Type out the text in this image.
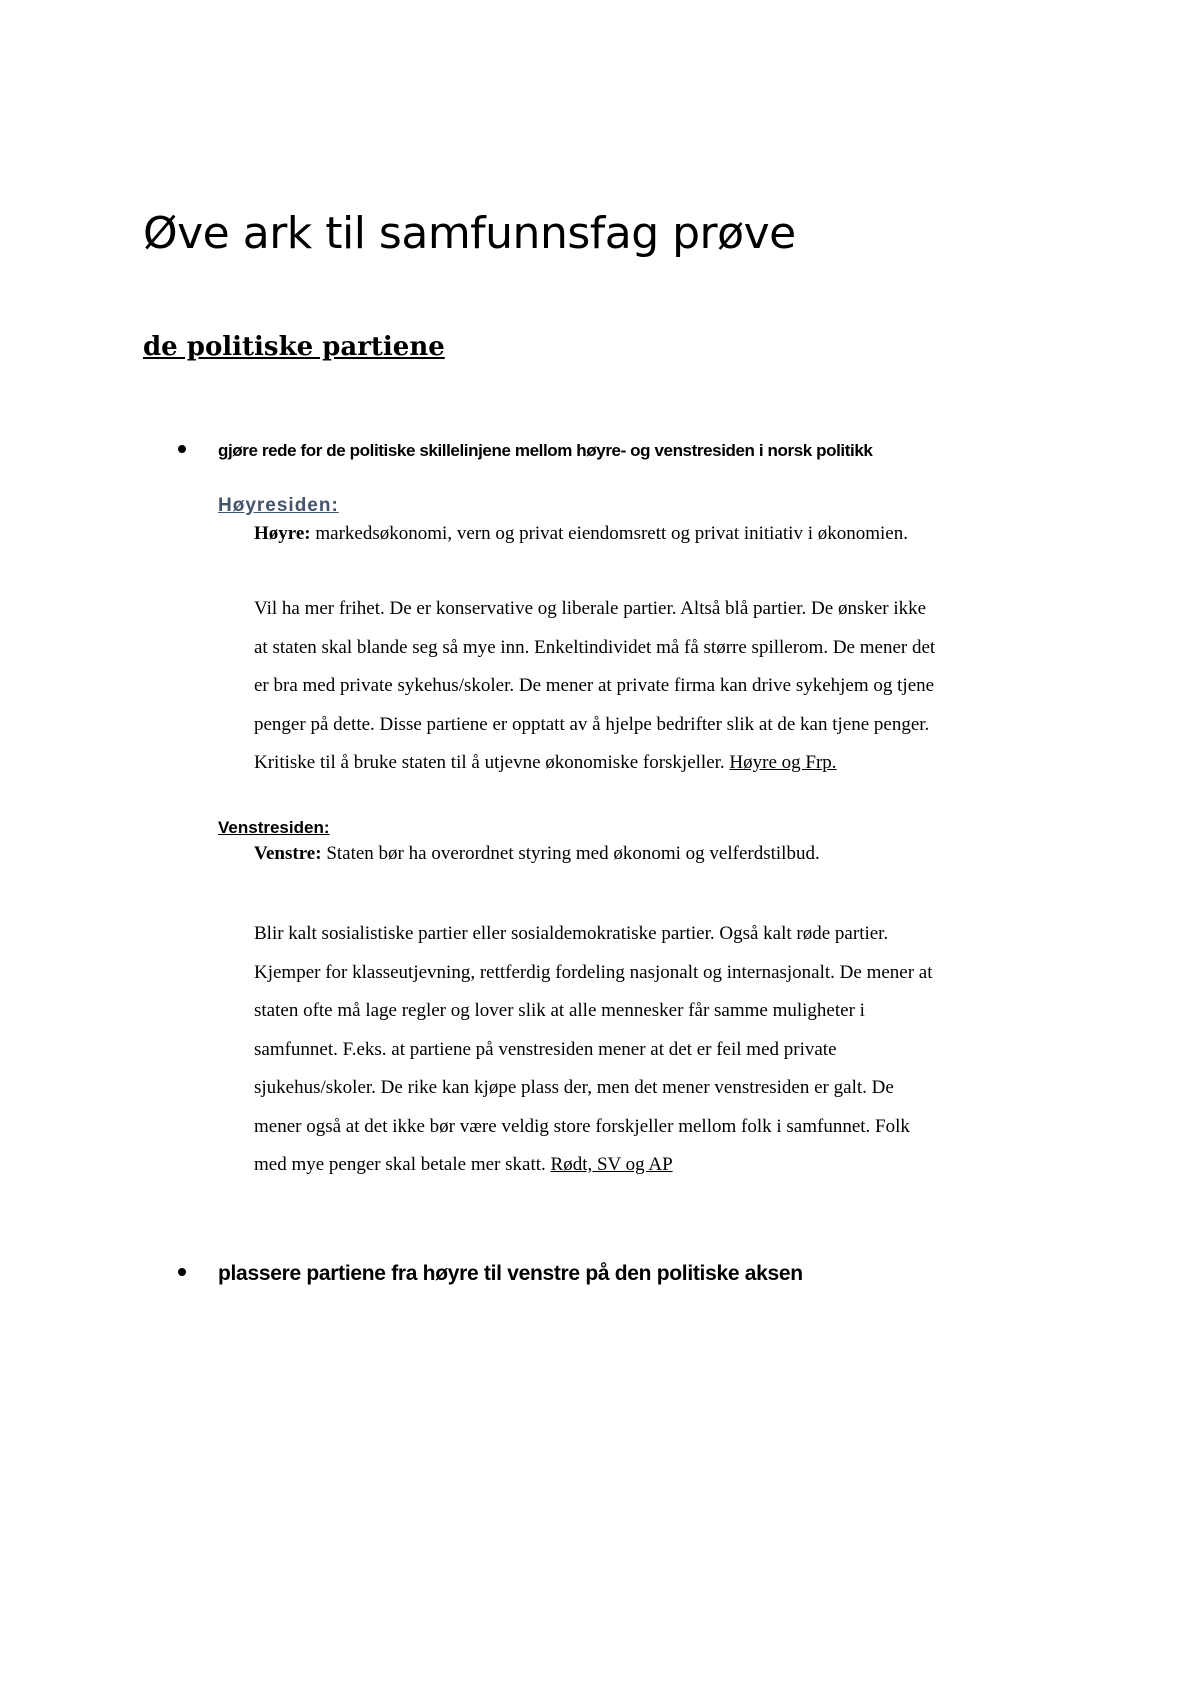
Øve ark til samfunnsfag prøve
de politiske partiene
gjøre rede for de politiske skillelinjene mellom høyre- og venstresiden i norsk politikk
Høyresiden:

Høyre: markedsøkonomi, vern og privat eiendomsrett og privat initiativ i økonomien.

Vil ha mer frihet. De er konservative og liberale partier. Altså blå partier. De ønsker ikke
at staten skal blande seg så mye inn. Enkeltindividet må få større spillerom. De mener det
er bra med private sykehus/skoler. De mener at private firma kan drive sykehjem og tjene
penger på dette. Disse partiene er opptatt av å hjelpe bedrifter slik at de kan tjene penger.
Kritiske til å bruke staten til å utjevne økonomiske forskjeller. Høyre og Frp.

Venstresiden:

Venstre: Staten bør ha overordnet styring med økonomi og velferdstilbud.

Blir kalt sosialistiske partier eller sosialdemokratiske partier. Også kalt røde partier.
Kjemper for klasseutjevning, rettferdig fordeling nasjonalt og internasjonalt. De mener at
staten ofte må lage regler og lover slik at alle mennesker får samme muligheter i
samfunnet. F.eks. at partiene på venstresiden mener at det er feil med private
sjukehus/skoler. De rike kan kjøpe plass der, men det mener venstresiden er galt. De
mener også at det ikke bør være veldig store forskjeller mellom folk i samfunnet. Folk
med mye penger skal betale mer skatt. Rødt, SV og AP

plassere partiene fra høyre til venstre på den politiske aksen
